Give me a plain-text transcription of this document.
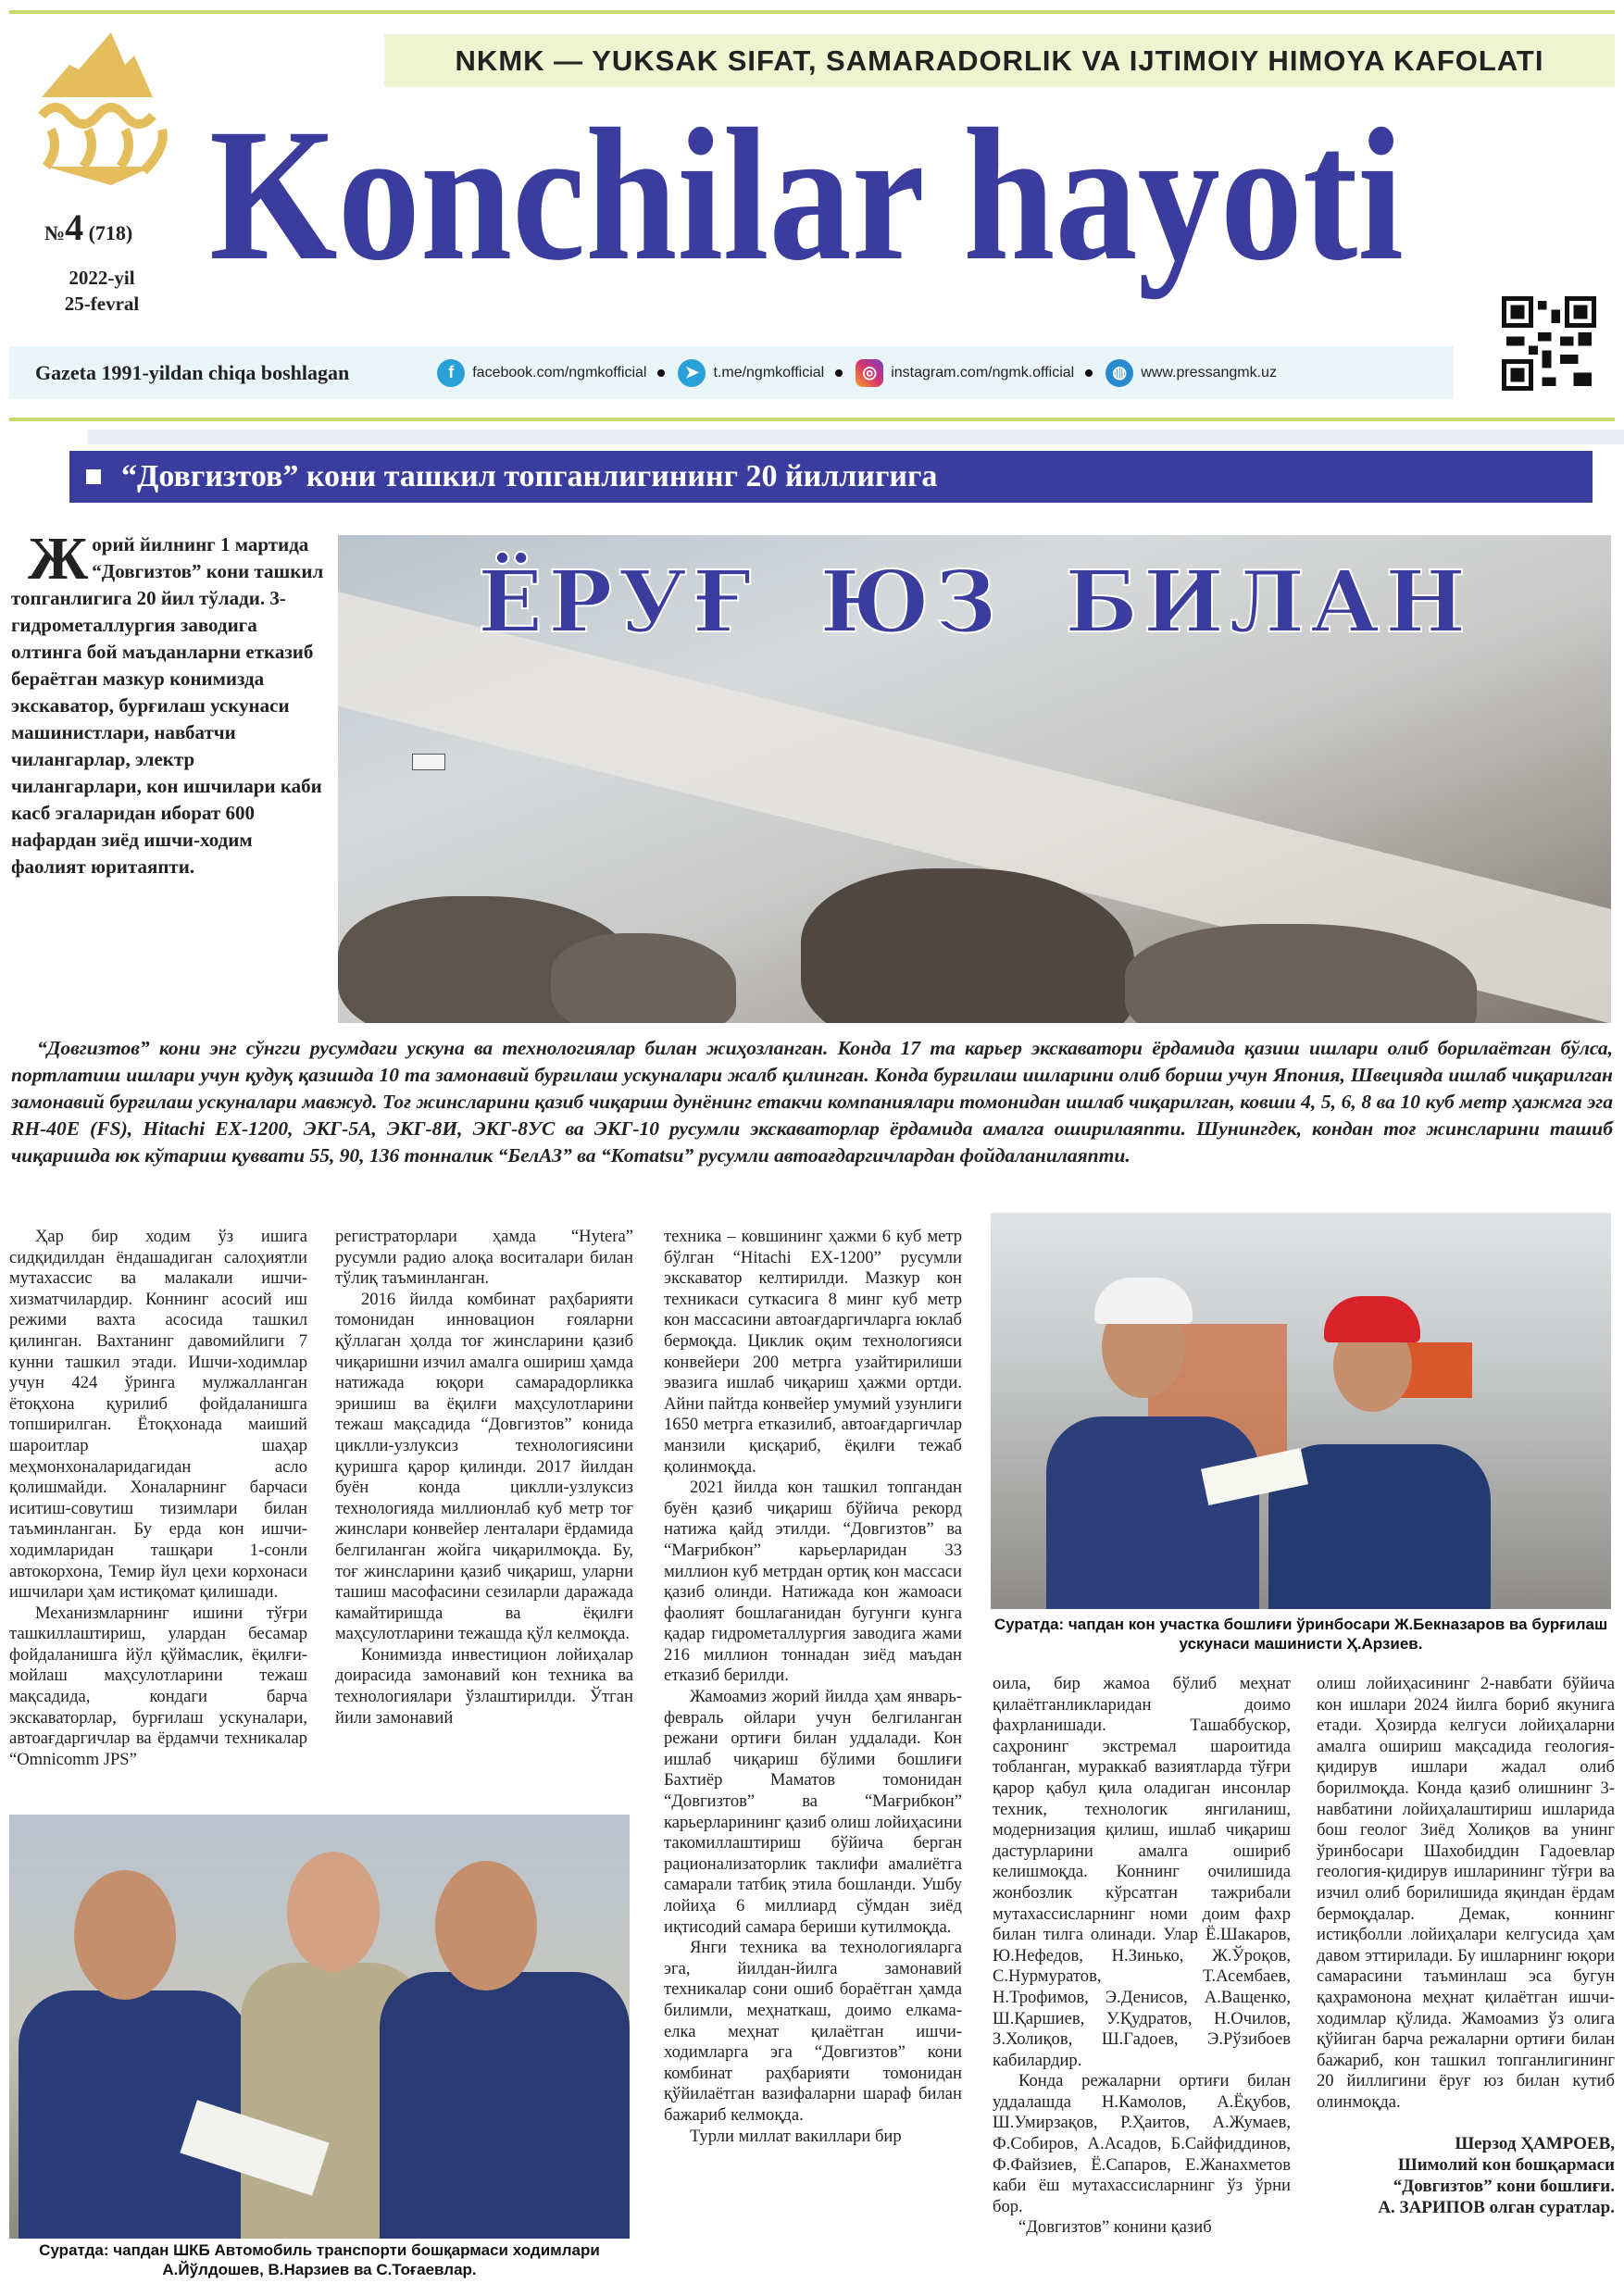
NKMK — YUKSAK SIFAT, SAMARADORLIK VA IJTIMOIY HIMOYA KAFOLATI
Konchilar hayoti
№4 (718)
2022-yil
25-fevral
Gazeta 1991-yildan chiqa boshlagan	f	facebook.com/ngmkofficial	➤ t.me/ngmkofficial	◎ instagram.com/ngmk.official	◍ www.pressangmk.uz
“Довгизтов” кони ташкил топганлигининг 20 йиллигига
Жорий йилнинг 1 мартида “Довгизтов” кони ташкил топганлигига 20 йил тўлади. 3-гидрометаллургия заводига олтинга бой маъданларни етказиб бераётган мазкур конимизда экскаватор, бурғилаш ускунаси машинистлари, навбатчи чилангарлар, электр чилангарлари, кон ишчилари каби касб эгаларидан иборат 600 нафардан зиёд ишчи-ходим фаолият юритаяпти.
ЁРУҒ ЮЗ БИЛАН
“Довгизтов” кони энг сўнгги русумдаги ускуна ва технологиялар билан жиҳозланган. Конда 17 та карьер экскаватори ёрдамида қазиш ишлари олиб борилаётган бўлса, портлатиш ишлари учун қудуқ қазишда 10 та замонавий бурғилаш ускуналари жалб қилинган. Конда бурғилаш ишларини олиб бориш учун Япония, Швецияда ишлаб чиқарилган замонавий бурғилаш ускуналари мавжуд. Тоғ жинсларини қазиб чиқариш дунёнинг етакчи компаниялари томонидан ишлаб чиқарилган, ковши 4, 5, 6, 8 ва 10 куб метр ҳажмга эга RH-40E (FS), Hitachi EX-1200, ЭКГ-5А, ЭКГ-8И, ЭКГ-8УС ва ЭКГ-10 русумли экскаваторлар ёрдамида амалга оширилаяпти. Шунингдек, кондан тоғ жинсларини ташиб чиқаришда юк кўтариш қуввати 55, 90, 136 тонналик “БелАЗ” ва “Komatsu” русумли автоағдаргичлардан фойдаланилаяпти.

Ҳар бир ходим ўз ишига сидқидилдан ёндашадиган салоҳиятли мутахассис ва малакали ишчи-хизматчилардир. Коннинг асосий иш режими вахта асосида ташкил қилинган. Вахтанинг давомийлиги 7 кунни ташкил этади. Ишчи-ходимлар учун 424 ўринга мулжалланган ётоқхона қурилиб фойдаланишга топширилган. Ётоқхонада маиший шароитлар шаҳар меҳмонхоналаридагидан асло қолишмайди. Хоналарнинг барчаси иситиш-совутиш тизимлари билан таъминланган. Бу ерда кон ишчи-ходимларидан ташқари 1-сонли автокорхона, Темир йул цехи корхонаси ишчилари ҳам истиқомат қилишади.

Механизмларнинг ишини тўғри ташкиллаштириш, улардан бесамар фойдаланишга йўл қўймаслик, ёқилғи-мойлаш маҳсулотларини тежаш мақсадида, кондаги барча экскаваторлар, бурғилаш ускуналари, автоағдаргичлар ва ёрдамчи техникалар “Omnicomm JPS”

регистраторлари ҳамда “Hytera” русумли радио алоқа воситалари билан тўлиқ таъминланган.

2016 йилда комбинат раҳбарияти томонидан инновацион ғояларни қўллаган ҳолда тоғ жинсларини қазиб чиқаришни изчил амалга ошириш ҳамда натижада юқори самарадорликка эришиш ва ёқилғи маҳсулотларини тежаш мақсадида “Довгизтов” конида циклли-узлуксиз технологиясини қуришга қарор қилинди. 2017 йилдан буён конда циклли-узлуксиз технологияда миллионлаб куб метр тоғ жинслари конвейер ленталари ёрдамида белгиланган жойга чиқарилмоқда. Бу, тоғ жинсларини қазиб чиқариш, уларни ташиш масофасини сезиларли даражада камайтиришда ва ёқилғи маҳсулотларини тежашда қўл келмоқда.

Конимизда инвестицион лойиҳалар доирасида замонавий кон техника ва технологиялари ўзлаштирилди. Ўтган йили замонавий

техника – ковшининг ҳажми 6 куб метр бўлган “Hitachi EX-1200” русумли экскаватор келтирилди. Мазкур кон техникаси суткасига 8 минг куб метр кон массасини автоағдаргичларга юклаб бермоқда. Циклик оқим технологияси конвейери 200 метрга узайтирилиши эвазига ишлаб чиқариш ҳажми ортди. Айни пайтда конвейер умумий узунлиги 1650 метрга етказилиб, автоағдаргичлар манзили қисқариб, ёқилғи тежаб қолинмоқда.

2021 йилда кон ташкил топгандан буён қазиб чиқариш бўйича рекорд натижа қайд этилди. “Довгизтов” ва “Мағрибкон” карьерларидан 33 миллион куб метрдан ортиқ кон массаси қазиб олинди. Натижада кон жамоаси фаолият бошлаганидан бугунги кунга қадар гидрометаллургия заводига жами 216 миллион тоннадан зиёд маъдан етказиб берилди.

Жамоамиз жорий йилда ҳам январь-февраль ойлари учун белгиланган режани ортиғи билан уддалади. Кон ишлаб чиқариш бўлими бошлиғи Бахтиёр Маматов томонидан “Довгизтов” ва “Мағрибкон” карьерларининг қазиб олиш лойиҳасини такомиллаштириш бўйича берган рационализаторлик таклифи амалиётга самарали татбиқ этила бошланди. Ушбу лойиҳа 6 миллиард сўмдан зиёд иқтисодий самара бериши кутилмоқда.

Янги техника ва технологияларга эга, йилдан-йилга замонавий техникалар сони ошиб бораётган ҳамда билимли, меҳнаткаш, доимо елкама-елка меҳнат қилаётган ишчи-ходимларга эга “Довгизтов” кони комбинат раҳбарияти томонидан қўйилаётган вазифаларни шараф билан бажариб келмоқда.

Турли миллат вакиллари бир

Суратда: чапдан кон участка бошлиғи ўринбосари Ж.Бекназаров ва бурғилаш ускунаси машинисти Ҳ.Арзиев.

оила, бир жамоа бўлиб меҳнат қилаётганликларидан доимо фахрланишади. Ташаббускор, саҳронинг экстремал шароитида тобланган, мураккаб вазиятларда тўғри қарор қабул қила оладиган инсонлар техник, технологик янгиланиш, модернизация қилиш, ишлаб чиқариш дастурларини амалга ошириб келишмоқда. Коннинг очилишида жонбозлик кўрсатган тажрибали мутахассисларнинг номи доим фахр билан тилга олинади. Улар Ё.Шакаров, Ю.Нефедов, Н.Зинько, Ж.Ўроқов, С.Нурмуратов, Т.Асембаев, Н.Трофимов, Э.Денисов, А.Ващенко, Ш.Қаршиев, У.Қудратов, Н.Очилов, З.Холиқов, Ш.Гадоев, Э.Рўзибоев кабилардир.

Конда режаларни ортиғи билан уддалашда Н.Камолов, А.Ёқубов, Ш.Умирзақов, Р.Ҳаитов, А.Жумаев, Ф.Собиров, А.Асадов, Б.Сайфиддинов, Ф.Файзиев, Ё.Сапаров, Е.Жанахметов каби ёш мутахассисларнинг ўз ўрни бор.

“Довгизтов” конини қазиб

олиш лойиҳасининг 2-навбати бўйича кон ишлари 2024 йилга бориб якунига етади. Ҳозирда келгуси лойиҳаларни амалга ошириш мақсадида геология-қидирув ишлари жадал олиб борилмоқда. Конда қазиб олишнинг 3-навбатини лойиҳалаштириш ишларида бош геолог Зиёд Холиқов ва унинг ўринбосари Шахобиддин Гадоевлар геология-қидирув ишларининг тўғри ва изчил олиб борилишида яқиндан ёрдам бермоқдалар. Демак, коннинг истиқболли лойиҳалари келгусида ҳам давом эттирилади. Бу ишларнинг юқори самарасини таъминлаш эса бугун қаҳрамонона меҳнат қилаётган ишчи-ходимлар қўлида. Жамоамиз ўз олига қўйиган барча режаларни ортиғи билан бажариб, кон ташкил топганлигининг 20 йиллигини ёруғ юз билан кутиб олинмоқда.

Шерзод ҲАМРОЕВ,
Шимолий кон бошқармаси
“Довгизтов” кони бошлиғи.
А. ЗАРИПОВ олган суратлар.
Суратда: чапдан ШКБ Автомобиль транспорти бошқармаси ходимлари А.Йўлдошев, В.Нарзиев ва С.Тоғаевлар.
